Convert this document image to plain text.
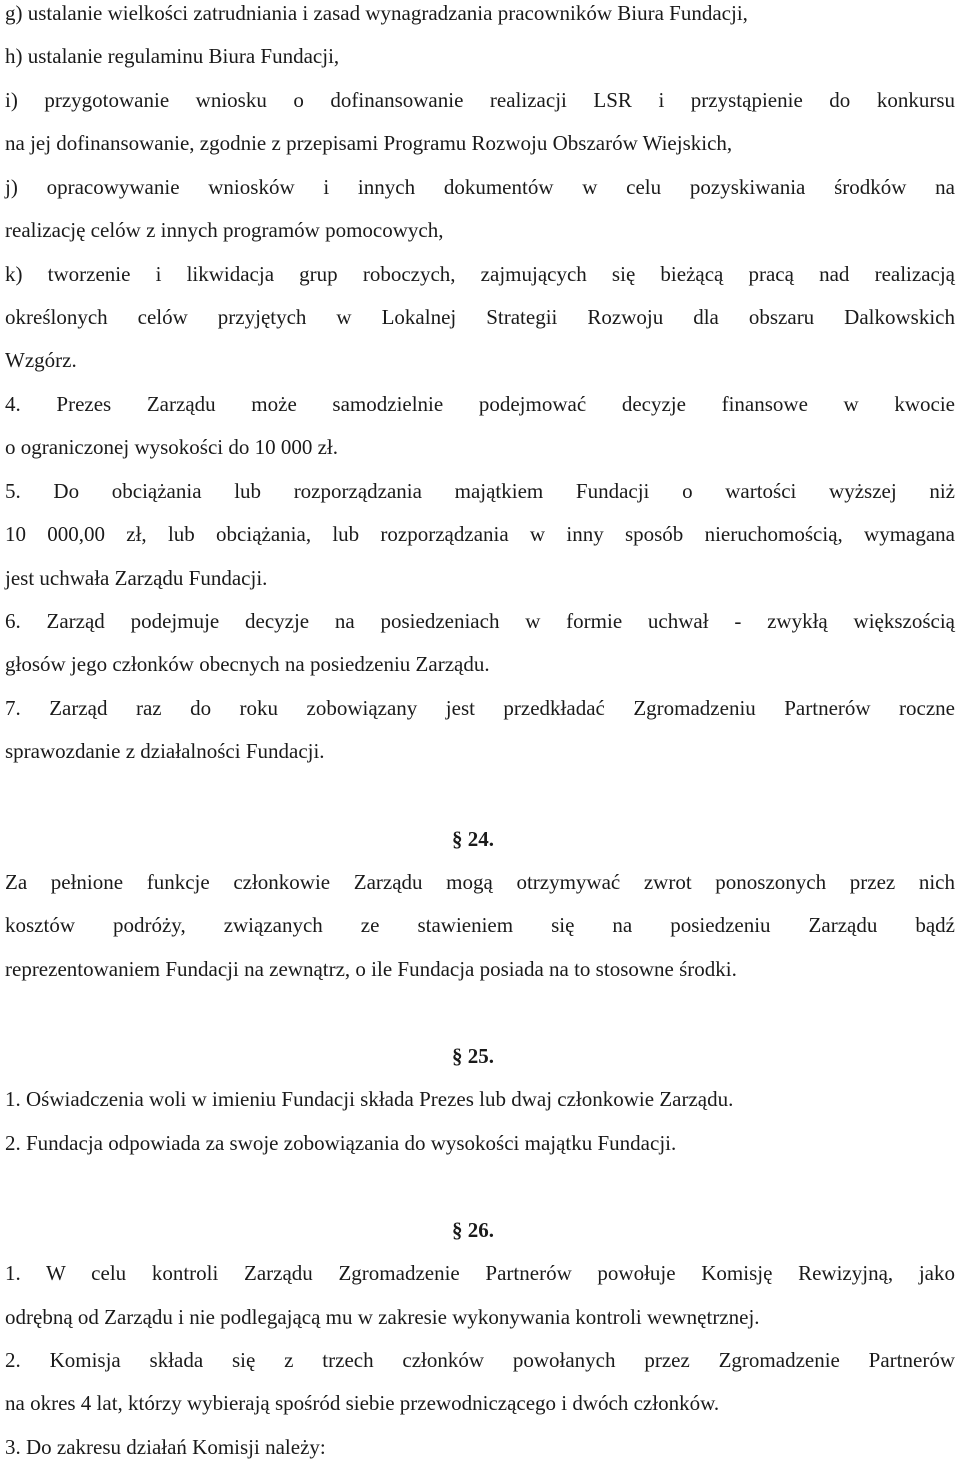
g) ustalanie wielkości zatrudniania i zasad wynagradzania pracowników Biura Fundacji,
h) ustalanie regulaminu Biura Fundacji,
i) przygotowanie wniosku o dofinansowanie realizacji LSR i przystąpienie do konkursu
na jej dofinansowanie, zgodnie z przepisami Programu Rozwoju Obszarów Wiejskich,
j) opracowywanie wniosków i innych dokumentów w celu pozyskiwania środków na
realizację celów z innych programów pomocowych,
k) tworzenie i likwidacja grup roboczych, zajmujących się bieżącą pracą nad realizacją
określonych celów przyjętych w Lokalnej Strategii Rozwoju dla obszaru Dalkowskich
Wzgórz.
4. Prezes Zarządu może samodzielnie podejmować decyzje finansowe w kwocie
o ograniczonej wysokości do 10 000 zł.
5. Do obciążania lub rozporządzania majątkiem Fundacji o wartości wyższej niż
10 000,00 zł, lub obciążania, lub rozporządzania w inny sposób nieruchomością, wymagana
jest uchwała Zarządu Fundacji.
6. Zarząd podejmuje decyzje na posiedzeniach w formie uchwał - zwykłą większością
głosów jego członków obecnych na posiedzeniu Zarządu.
7. Zarząd raz do roku zobowiązany jest przedkładać Zgromadzeniu Partnerów roczne
sprawozdanie z działalności Fundacji.
§ 24.
Za pełnione funkcje członkowie Zarządu mogą otrzymywać zwrot ponoszonych przez nich
kosztów podróży, związanych ze stawieniem się na posiedzeniu Zarządu bądź
reprezentowaniem Fundacji na zewnątrz, o ile Fundacja posiada na to stosowne środki.
§ 25.
1. Oświadczenia woli w imieniu Fundacji składa Prezes lub dwaj członkowie Zarządu.
2. Fundacja odpowiada za swoje zobowiązania do wysokości majątku Fundacji.
§ 26.
1. W celu kontroli Zarządu Zgromadzenie Partnerów powołuje Komisję Rewizyjną, jako
odrębną od Zarządu i nie podlegającą mu w zakresie wykonywania kontroli wewnętrznej.
2. Komisja składa się z trzech członków powołanych przez Zgromadzenie Partnerów
na okres 4 lat, którzy wybierają spośród siebie przewodniczącego i dwóch członków.
3. Do zakresu działań Komisji należy:
